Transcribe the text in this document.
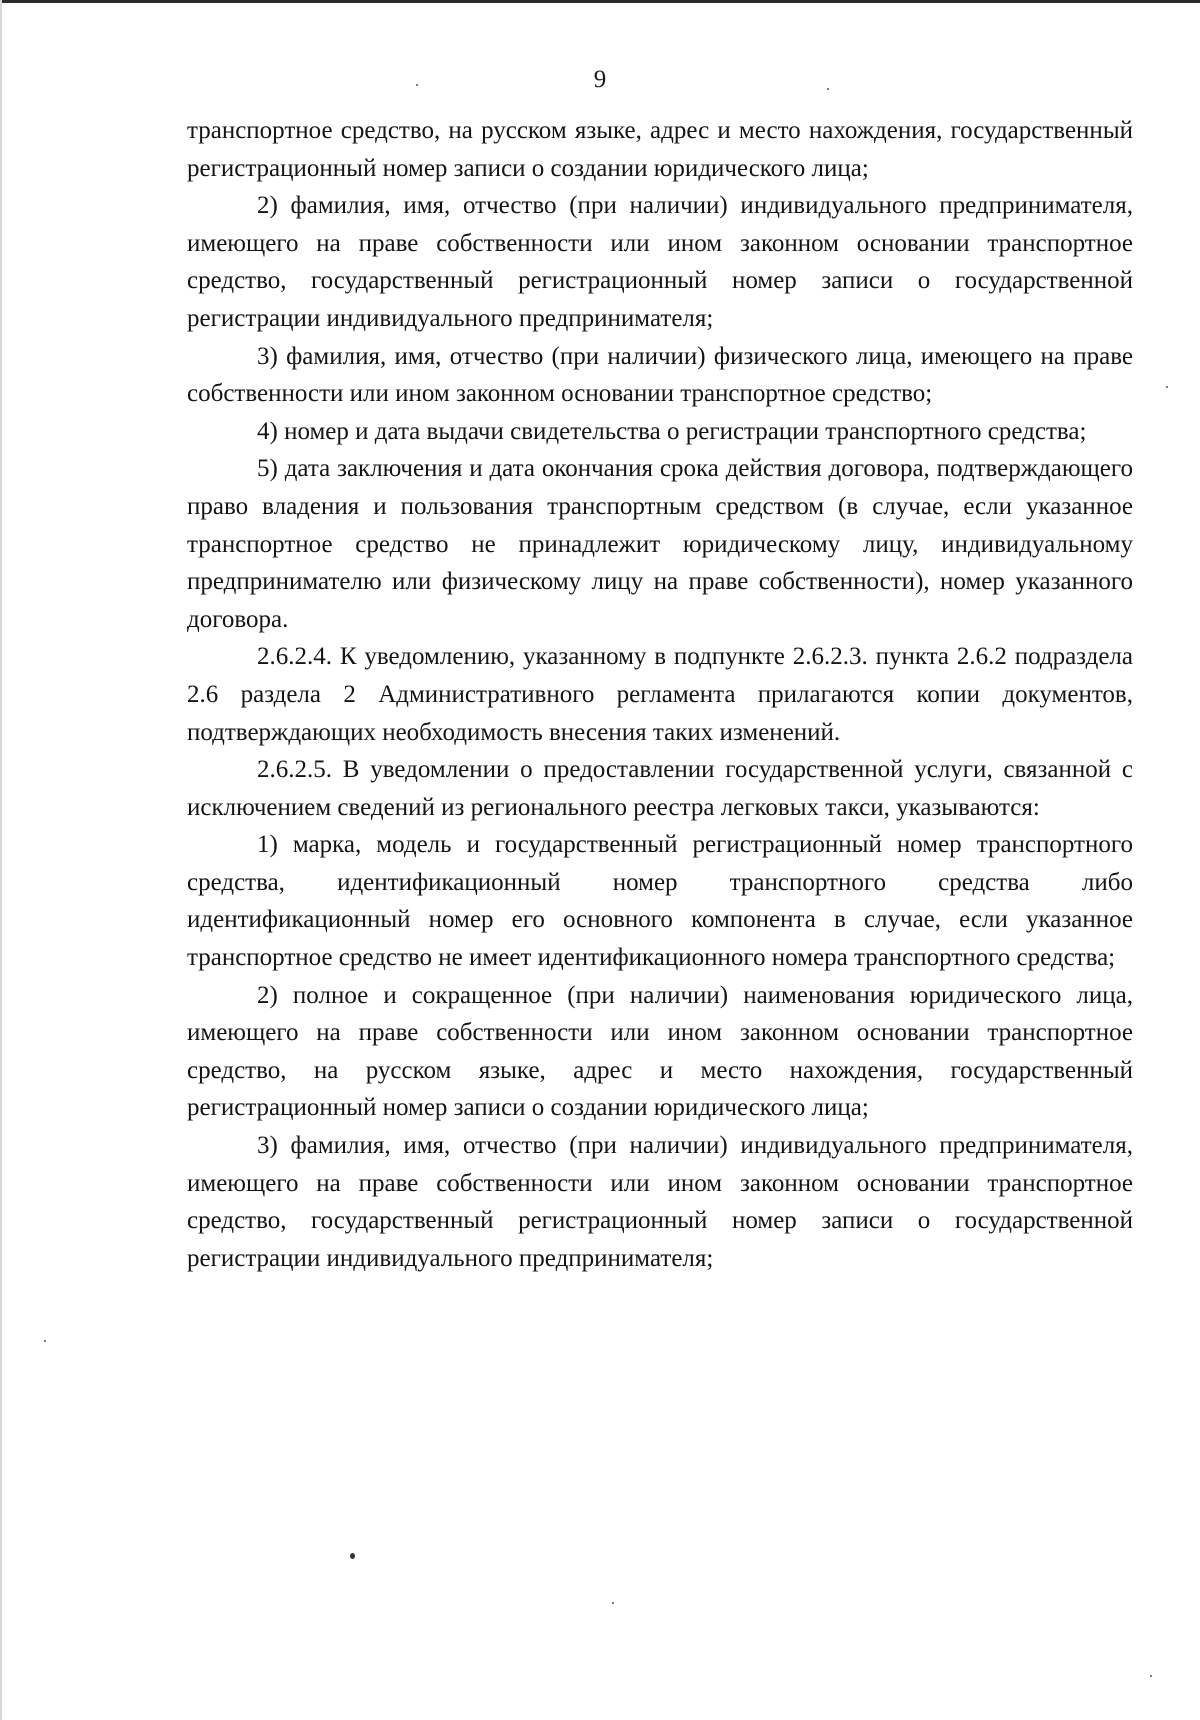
9

транспортное средство, на русском языке, адрес и место нахождения, государственный регистрационный номер записи о создании юридического лица;

2) фамилия, имя, отчество (при наличии) индивидуального предпринимателя, имеющего на праве собственности или ином законном основании транспортное средство, государственный регистрационный номер записи о государственной регистрации индивидуального предпринимателя;

3) фамилия, имя, отчество (при наличии) физического лица, имеющего на праве собственности или ином законном основании транспортное средство;

4) номер и дата выдачи свидетельства о регистрации транспортного средства;

5) дата заключения и дата окончания срока действия договора, подтверждающего право владения и пользования транспортным средством (в случае, если указанное транспортное средство не принадлежит юридическому лицу, индивидуальному предпринимателю или физическому лицу на праве собственности), номер указанного договора.

2.6.2.4. К уведомлению, указанному в подпункте 2.6.2.3. пункта 2.6.2 подраздела 2.6 раздела 2 Административного регламента прилагаются копии документов, подтверждающих необходимость внесения таких изменений.

2.6.2.5. В уведомлении о предоставлении государственной услуги, связанной с исключением сведений из регионального реестра легковых такси, указываются:

1) марка, модель и государственный регистрационный номер транспортного средства, идентификационный номер транспортного средства либо идентификационный номер его основного компонента в случае, если указанное транспортное средство не имеет идентификационного номера транспортного средства;

2) полное и сокращенное (при наличии) наименования юридического лица, имеющего на праве собственности или ином законном основании транспортное средство, на русском языке, адрес и место нахождения, государственный регистрационный номер записи о создании юридического лица;

3) фамилия, имя, отчество (при наличии) индивидуального предпринимателя, имеющего на праве собственности или ином законном основании транспортное средство, государственный регистрационный номер записи о государственной регистрации индивидуального предпринимателя;
